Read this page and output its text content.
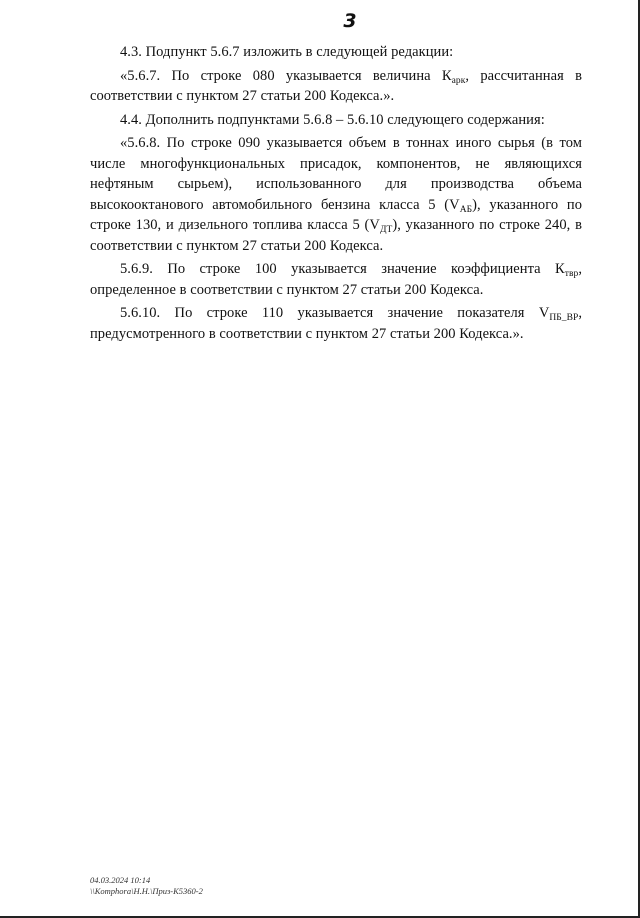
3

4.3. Подпункт 5.6.7 изложить в следующей редакции:

«5.6.7. По строке 080 указывается величина $К_{арк}$, рассчитанная в соответствии с пунктом 27 статьи 200 Кодекса.».

4.4. Дополнить подпунктами 5.6.8 – 5.6.10 следующего содержания:

«5.6.8. По строке 090 указывается объем в тоннах иного сырья (в том числе многофункциональных присадок, компонентов, не являющихся нефтяным сырьем), использованного для производства объема высокооктанового автомобильного бензина класса 5 $(V_{АБ})$, указанного по строке 130, и дизельного топлива класса 5 $(V_{ДТ})$, указанного по строке 240, в соответствии с пунктом 27 статьи 200 Кодекса.

5.6.9. По строке 100 указывается значение коэффициента $К_{твр}$, определенное в соответствии с пунктом 27 статьи 200 Кодекса.

5.6.10. По строке 110 указывается значение показателя $V_{ПБ\_ВР}$, предусмотренного в соответствии с пунктом 27 статьи 200 Кодекса.».

04.03.2024 10:14
\\Komphora\Н.Н.\Приз-К5360-2
